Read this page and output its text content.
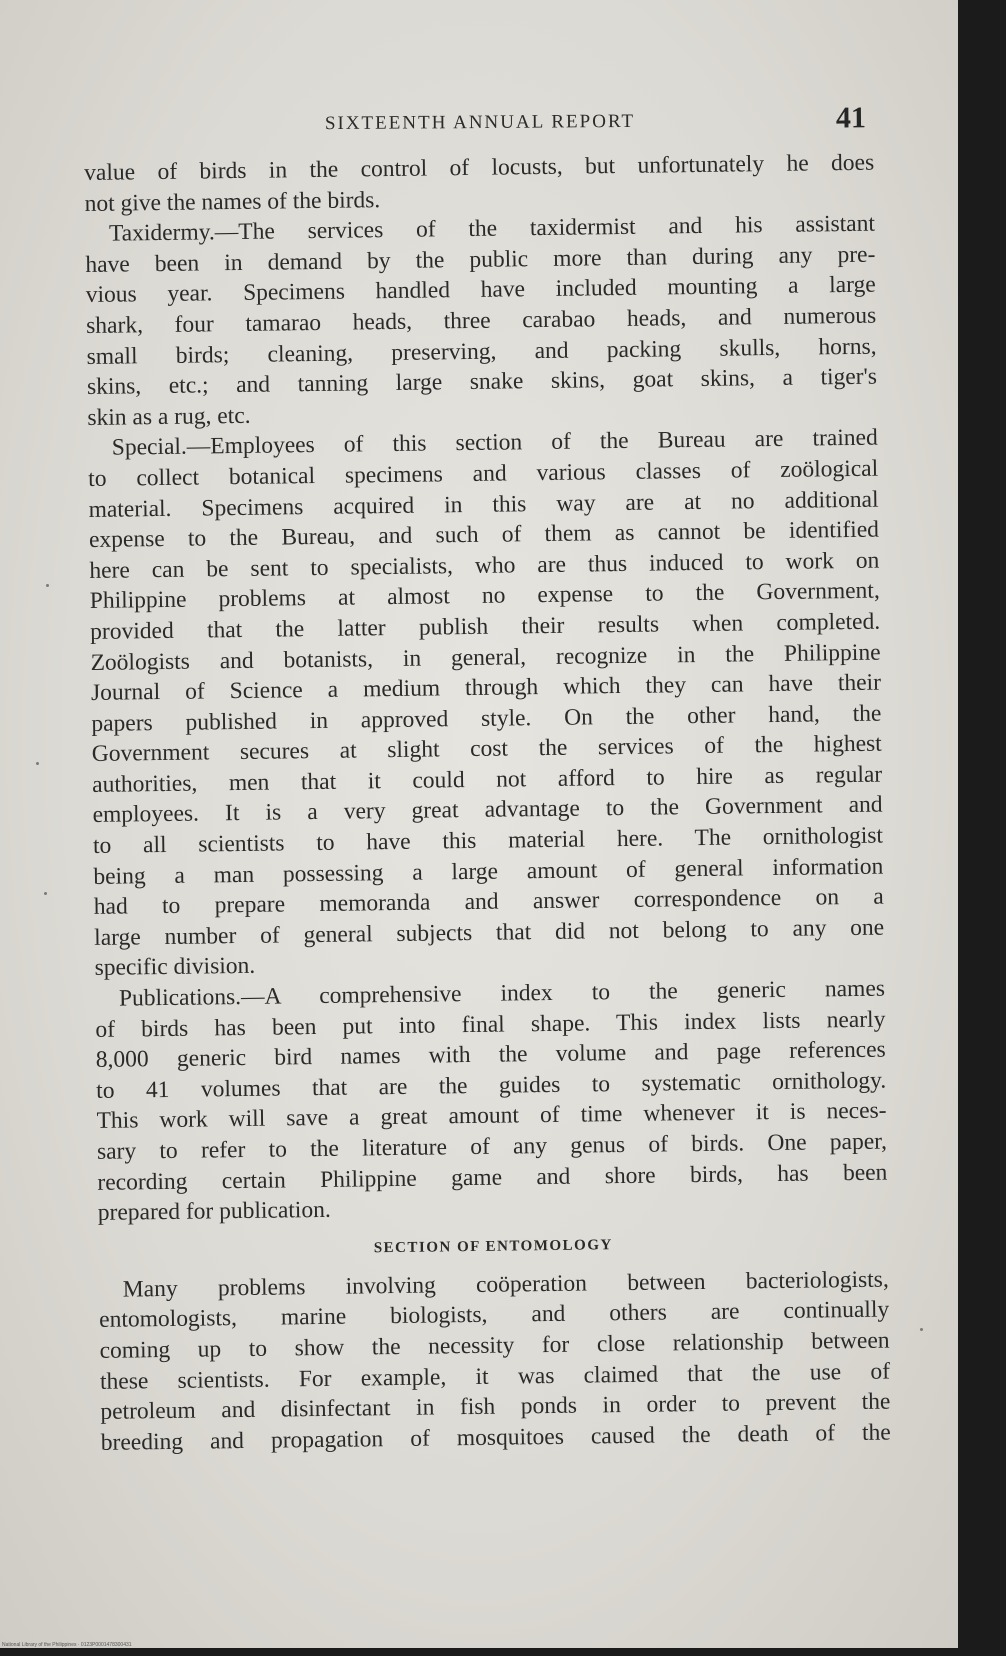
SIXTEENTH ANNUAL REPORT	41
value of birds in the control of locusts, but unfortunately he does
not give the names of the birds.
Taxidermy.—The services of the taxidermist and his assistant
have been in demand by the public more than during any pre-
vious year. Specimens handled have included mounting a large
shark, four tamarao heads, three carabao heads, and numerous
small birds; cleaning, preserving, and packing skulls, horns,
skins, etc.; and tanning large snake skins, goat skins, a tiger's
skin as a rug, etc.
Special.—Employees of this section of the Bureau are trained
to collect botanical specimens and various classes of zoölogical
material. Specimens acquired in this way are at no additional
expense to the Bureau, and such of them as cannot be identified
here can be sent to specialists, who are thus induced to work on
Philippine problems at almost no expense to the Government,
provided that the latter publish their results when completed.
Zoölogists and botanists, in general, recognize in the Philippine
Journal of Science a medium through which they can have their
papers published in approved style. On the other hand, the
Government secures at slight cost the services of the highest
authorities, men that it could not afford to hire as regular
employees. It is a very great advantage to the Government and
to all scientists to have this material here. The ornithologist
being a man possessing a large amount of general information
had to prepare memoranda and answer correspondence on a
large number of general subjects that did not belong to any one
specific division.
Publications.—A comprehensive index to the generic names
of birds has been put into final shape. This index lists nearly
8,000 generic bird names with the volume and page references
to 41 volumes that are the guides to systematic ornithology.
This work will save a great amount of time whenever it is neces-
sary to refer to the literature of any genus of birds. One paper,
recording certain Philippine game and shore birds, has been
prepared for publication.
SECTION OF ENTOMOLOGY
Many problems involving coöperation between bacteriologists,
entomologists, marine biologists, and others are continually
coming up to show the necessity for close relationship between
these scientists. For example, it was claimed that the use of
petroleum and disinfectant in fish ponds in order to prevent the
breeding and propagation of mosquitoes caused the death of the
National Library of the Philippines · 0123P0001478300431
